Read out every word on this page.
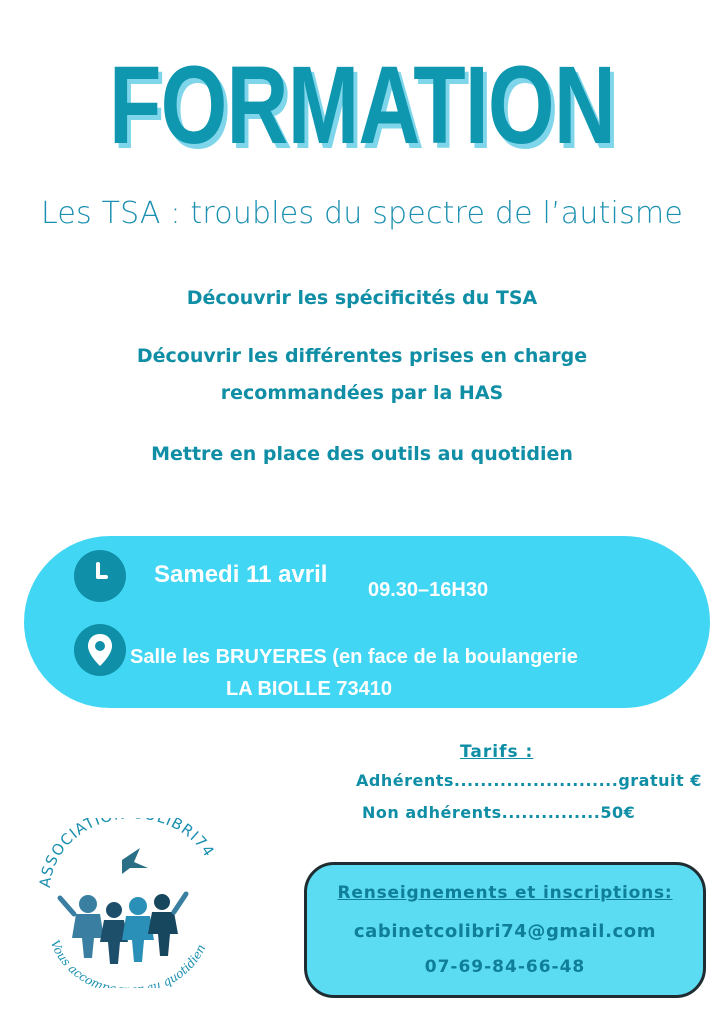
FORMATION
Les TSA : troubles du spectre de l’autisme
Découvrir les spécificités du TSA
Découvrir les différentes prises en charge
recommandées par la HAS
Mettre en place des outils au quotidien
Samedi 11 avril
09.30–16H30
Salle les BRUYERES (en face de la boulangerie
LA BIOLLE 73410
Tarifs :
Adhérents.........................gratuit €
Non adhérents...............50€
ASSOCIATI IBRI74
Vous accomp au quotidien
Renseignements et inscriptions:
cabinetcolibri74@gmail.com
07-69-84-66-48
